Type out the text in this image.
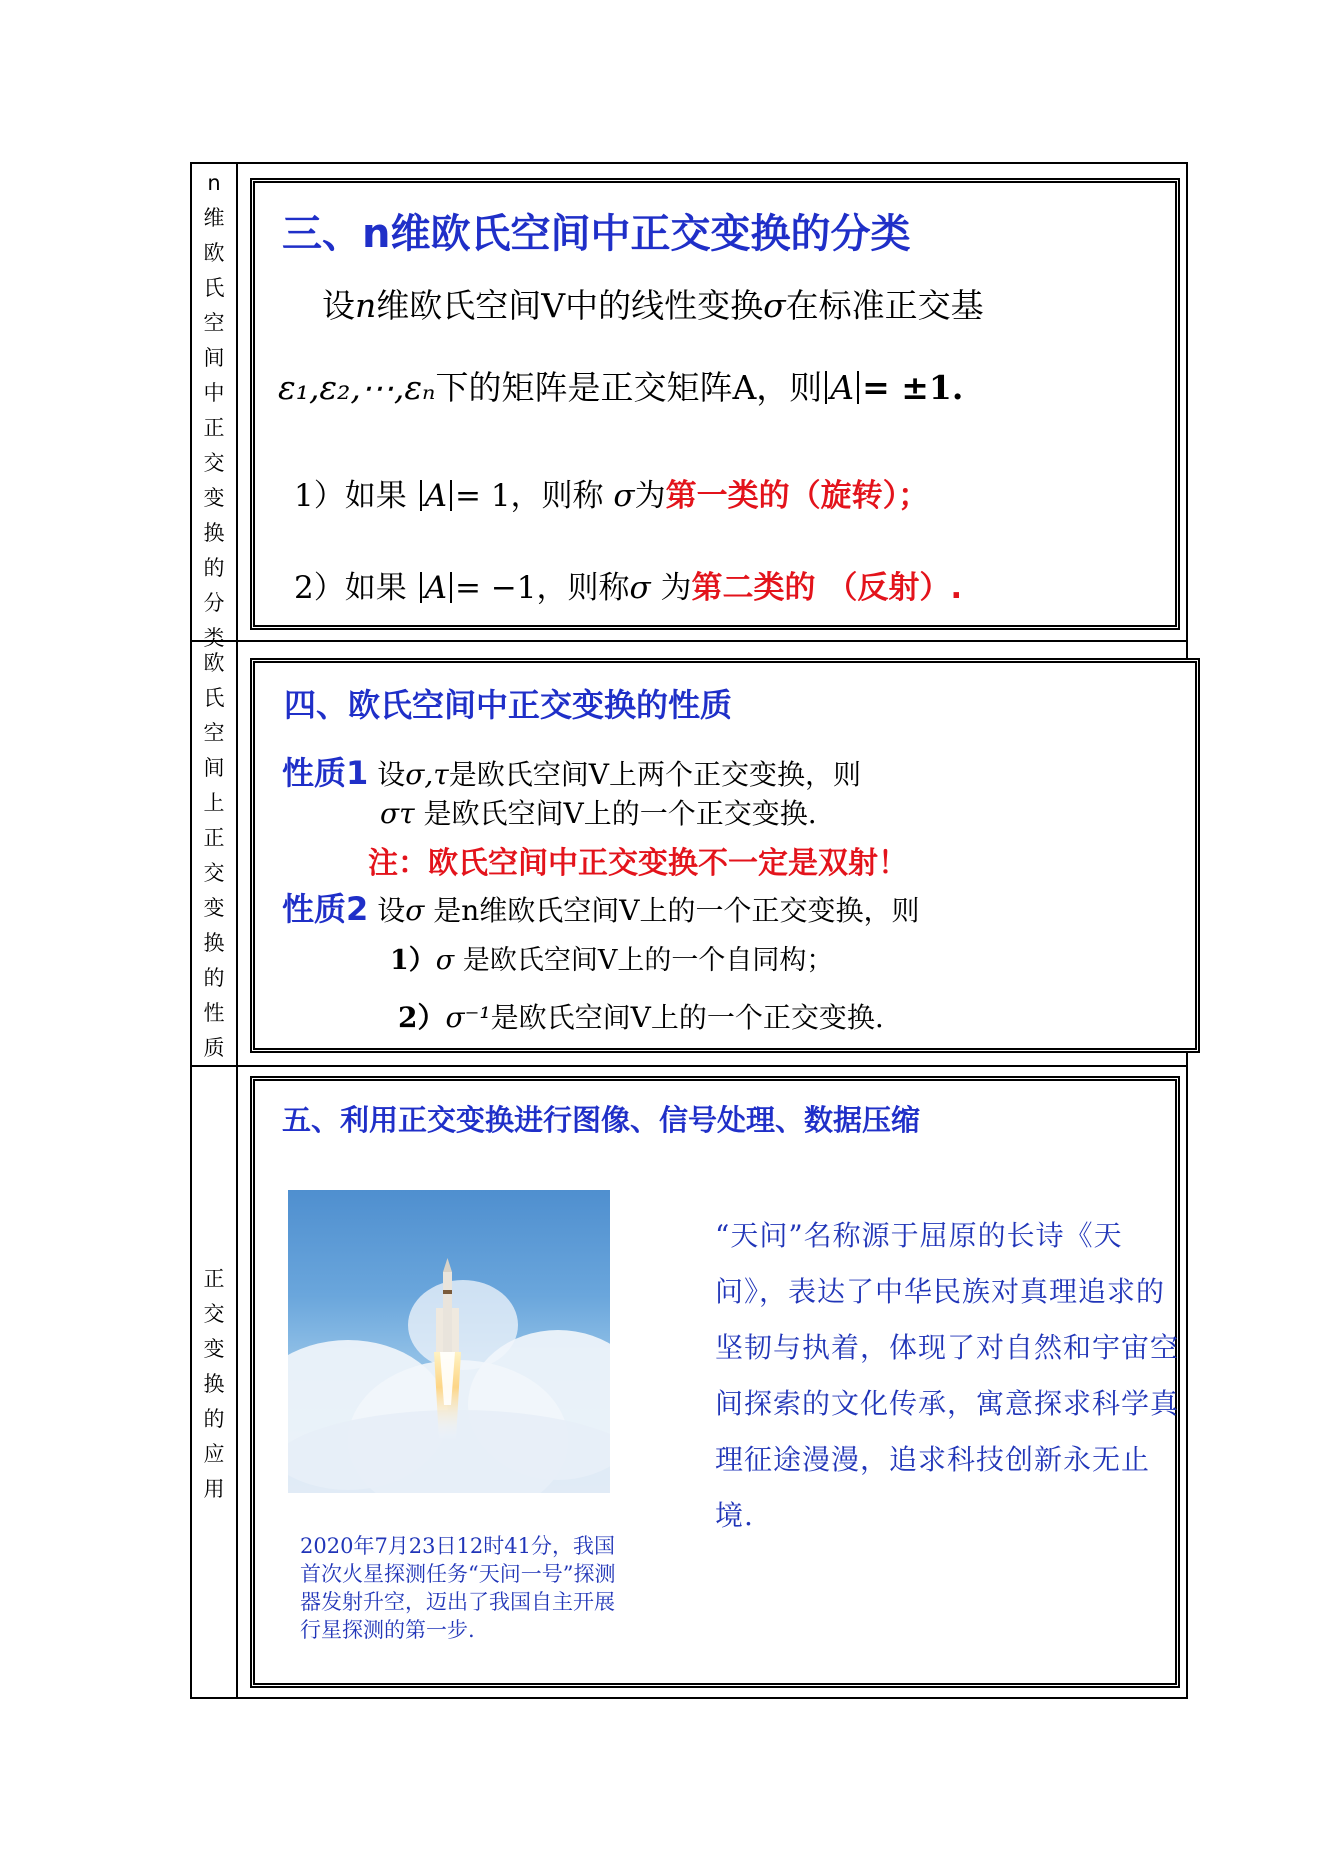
n
维
欧
氏
空
间
中
正
交
变
换
的
分
类
欧
氏
空
间
上
正
交
变
换
的
性
质
正
交
变
换
的
应
用
三、n维欧氏空间中正交变换的分类
设n维欧氏空间V中的线性变换σ在标准正交基
ε₁,ε₂,⋯,εₙ下的矩阵是正交矩阵A，则 A = ±1.
1）如果 A = 1，则称 σ为第一类的（旋转）；
2）如果 A = −1，则称σ 为第二类的 （反射）.
四、欧氏空间中正交变换的性质
性质1 设σ,τ是欧氏空间V上两个正交变换，则
στ 是欧氏空间V上的一个正交变换.
注：欧氏空间中正交变换不一定是双射！
性质2 设σ 是n维欧氏空间V上的一个正交变换，则
1）σ 是欧氏空间V上的一个自同构；
2）σ⁻¹是欧氏空间V上的一个正交变换.
五、利用正交变换进行图像、信号处理、数据压缩
2020年7月23日12时41分，我国首次火星探测任务“天问一号”探测器发射升空，迈出了我国自主开展行星探测的第一步.
“天问”名称源于屈原的长诗《天问》，表达了中华民族对真理追求的坚韧与执着，体现了对自然和宇宙空间探索的文化传承，寓意探求科学真理征途漫漫，追求科技创新永无止境.
